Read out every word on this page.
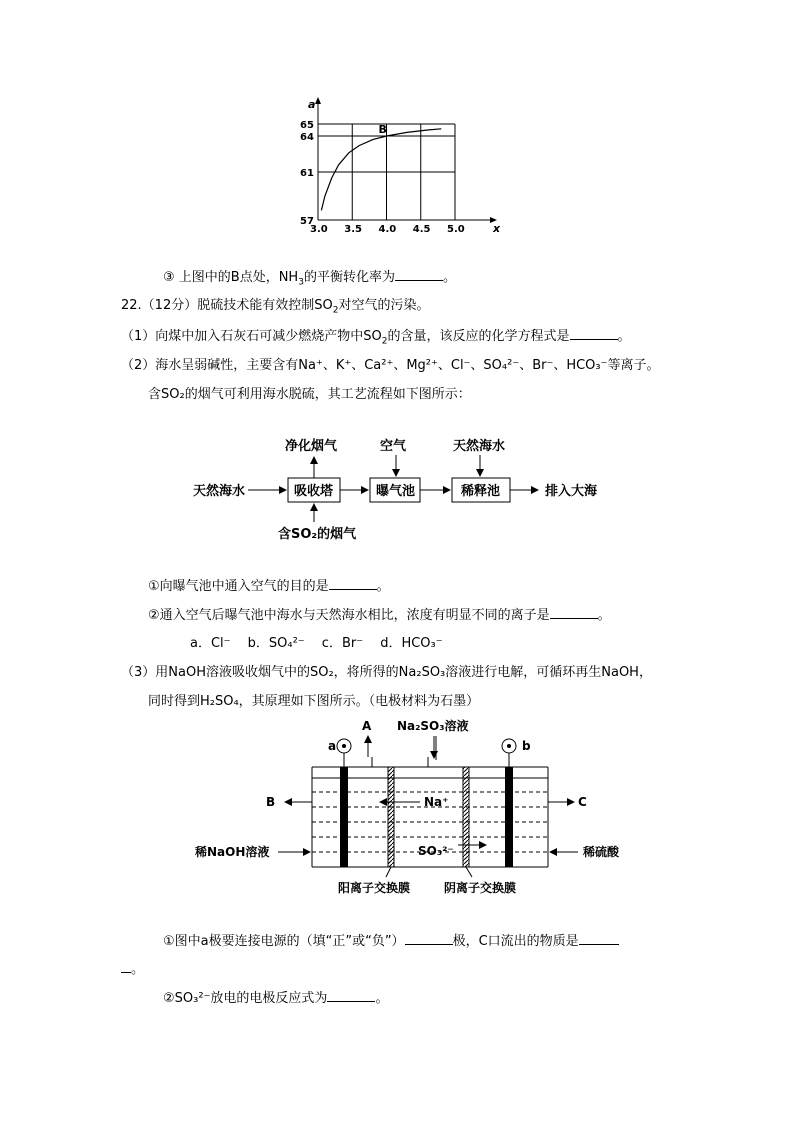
3.0 3.5 4.0 4.5 5.0
57
61
64
65
x
a
B
③ 上图中的B点处，$NH_3$的平衡转化率为	。
22.（12分）脱硫技术能有效控制$SO_2$对空气的污染。
（1）向煤中加入石灰石可减少燃烧产物中$SO_2$的含量，该反应的化学方程式是	。
（2）海水呈弱碱性，主要含有Na⁺、K⁺、Ca²⁺、Mg²⁺、Cl⁻、SO₄²⁻、Br⁻、HCO₃⁻等离子。
含SO₂的烟气可利用海水脱硫，其工艺流程如下图所示：
天然海水	吸收塔	曝气池	稀释池	排入大海
净化烟气	空气	天然海水
含SO₂的烟气
①向曝气池中通入空气的目的是	。
②通入空气后曝气池中海水与天然海水相比，浓度有明显不同的离子是	。
a．Cl⁻　 b．SO₄²⁻　 c．Br⁻　 d．HCO₃⁻
（3）用NaOH溶液吸收烟气中的SO₂，将所得的Na₂SO₃溶液进行电解，可循环再生NaOH，
同时得到H₂SO₄，其原理如下图所示。（电极材料为石墨）
A Na₂SO₃溶液
a	b
B	C
稀NaOH溶液	稀硫酸
Na⁺
SO₃²⁻
阳离子交换膜	阴离子交换膜
①图中a极要连接电源的（填“正”或“负”）	极，C口流出的物质是
。
②SO₃²⁻放电的电极反应式为	。
